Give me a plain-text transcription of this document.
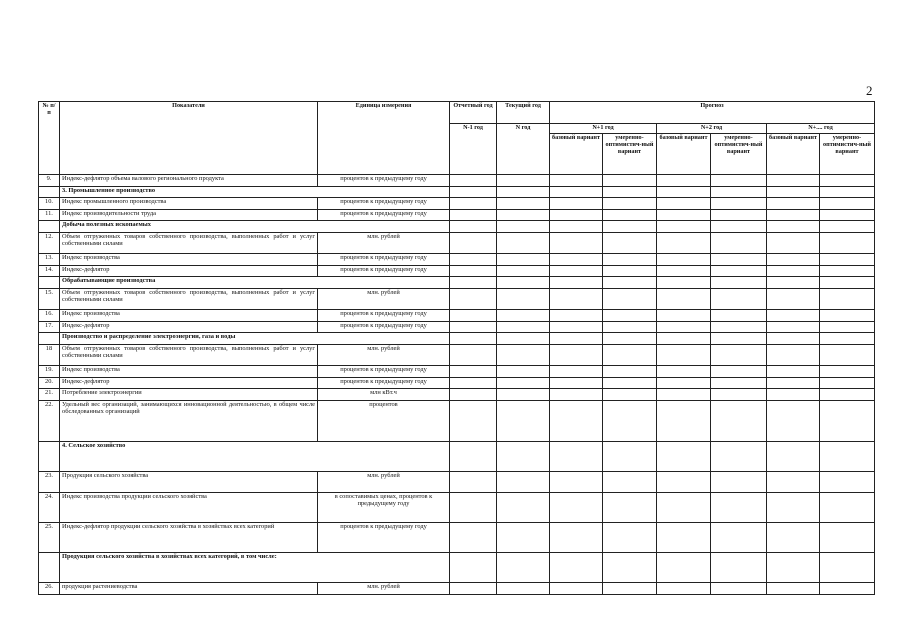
2
№ п/п	Показатели	Единица измерения	Отчетный год	Текущий год	Прогноз					
			N-1 год	N год	N+1 год		N+2 год		N+.... год	
					базовый вариант	умеренно-оптимистич-ный вариант	базовый вариант	умеренно-оптимистич-ный вариант	базовый вариант	умеренно-оптимистич-ный вариант
9.	Индекс-дефлятор объема валового регионального продукта	процентов к предыдущему году								
	3. Промышленное производство									
10.	Индекс промышленного производства	процентов к предыдущему году								
11.	Индекс производительности труда	процентов к предыдущему году								
	Добыча полезных ископаемых									
12.	Объем отгруженных товаров собственного производства, выполненных работ и услуг собственными силами	млн. рублей								
13.	Индекс производства	процентов к предыдущему году								
14.	Индекс-дефлятор	процентов к предыдущему году								
	Обрабатывающие производства									
15.	Объем отгруженных товаров собственного производства, выполненных работ и услуг собственными силами	млн. рублей								
16.	Индекс производства	процентов к предыдущему году								
17.	Индекс-дефлятор	процентов к предыдущему году								
	Производство и распределение электроэнергии, газа и воды									
18	Объем отгруженных товаров собственного производства, выполненных работ и услуг собственными силами	млн. рублей								
19.	Индекс производства	процентов к предыдущему году								
20.	Индекс-дефлятор	процентов к предыдущему году								
21.	Потребление электроэнергии	млн кВт.ч								
22.	Удельный вес организаций, занимающихся инновационной деятельностью, в общем числе обследованных организаций	процентов								
	4. Сельское хозяйство									
23.	Продукция сельского хозяйства	млн. рублей								
24.	Индекс производства продукции сельского хозяйства	в сопоставимых ценах, процентов к предыдущему году								
25.	Индекс-дефлятор продукции сельского хозяйства в хозяйствах всех категорий	процентов к предыдущему году								
	Продукция сельского хозяйства в хозяйствах всех категорий, в том числе:									
26.	продукция растениеводства	млн. рублей								
